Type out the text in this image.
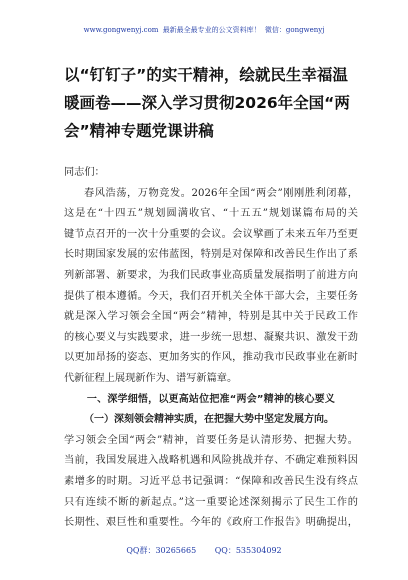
www.gongwenyj.com 最新最全最专业的公文资料库！ 微信：gongwenyj
以“钉钉子”的实干精神，绘就民生幸福温
暖画卷——深入学习贯彻2026年全国“两
会”精神专题党课讲稿
同志们：
春风浩荡，万物竞发。2026年全国“两会”刚刚胜利闭幕，
这是在“十四五”规划圆满收官、“十五五”规划谋篇布局的关
键节点召开的一次十分重要的会议。会议擘画了未来五年乃至更
长时期国家发展的宏伟蓝图，特别是对保障和改善民生作出了系
列新部署、新要求，为我们民政事业高质量发展指明了前进方向
提供了根本遵循。今天，我们召开机关全体干部大会，主要任务
就是深入学习领会全国“两会”精神，特别是其中关于民政工作
的核心要义与实践要求，进一步统一思想、凝聚共识、激发干劲
以更加昂扬的姿态、更加务实的作风，推动我市民政事业在新时
代新征程上展现新作为、谱写新篇章。
一、深学细悟，以更高站位把准“两会”精神的核心要义
（一）深刻领会精神实质，在把握大势中坚定发展方向。
学习领会全国“两会”精神，首要任务是认清形势、把握大势。
当前，我国发展进入战略机遇和风险挑战并存、不确定难预料因
素增多的时期。习近平总书记强调：“保障和改善民生没有终点
只有连续不断的新起点。”这一重要论述深刻揭示了民生工作的
长期性、艰巨性和重要性。今年的《政府工作报告》明确提出，
QQ群：30265665 QQ：535304092
